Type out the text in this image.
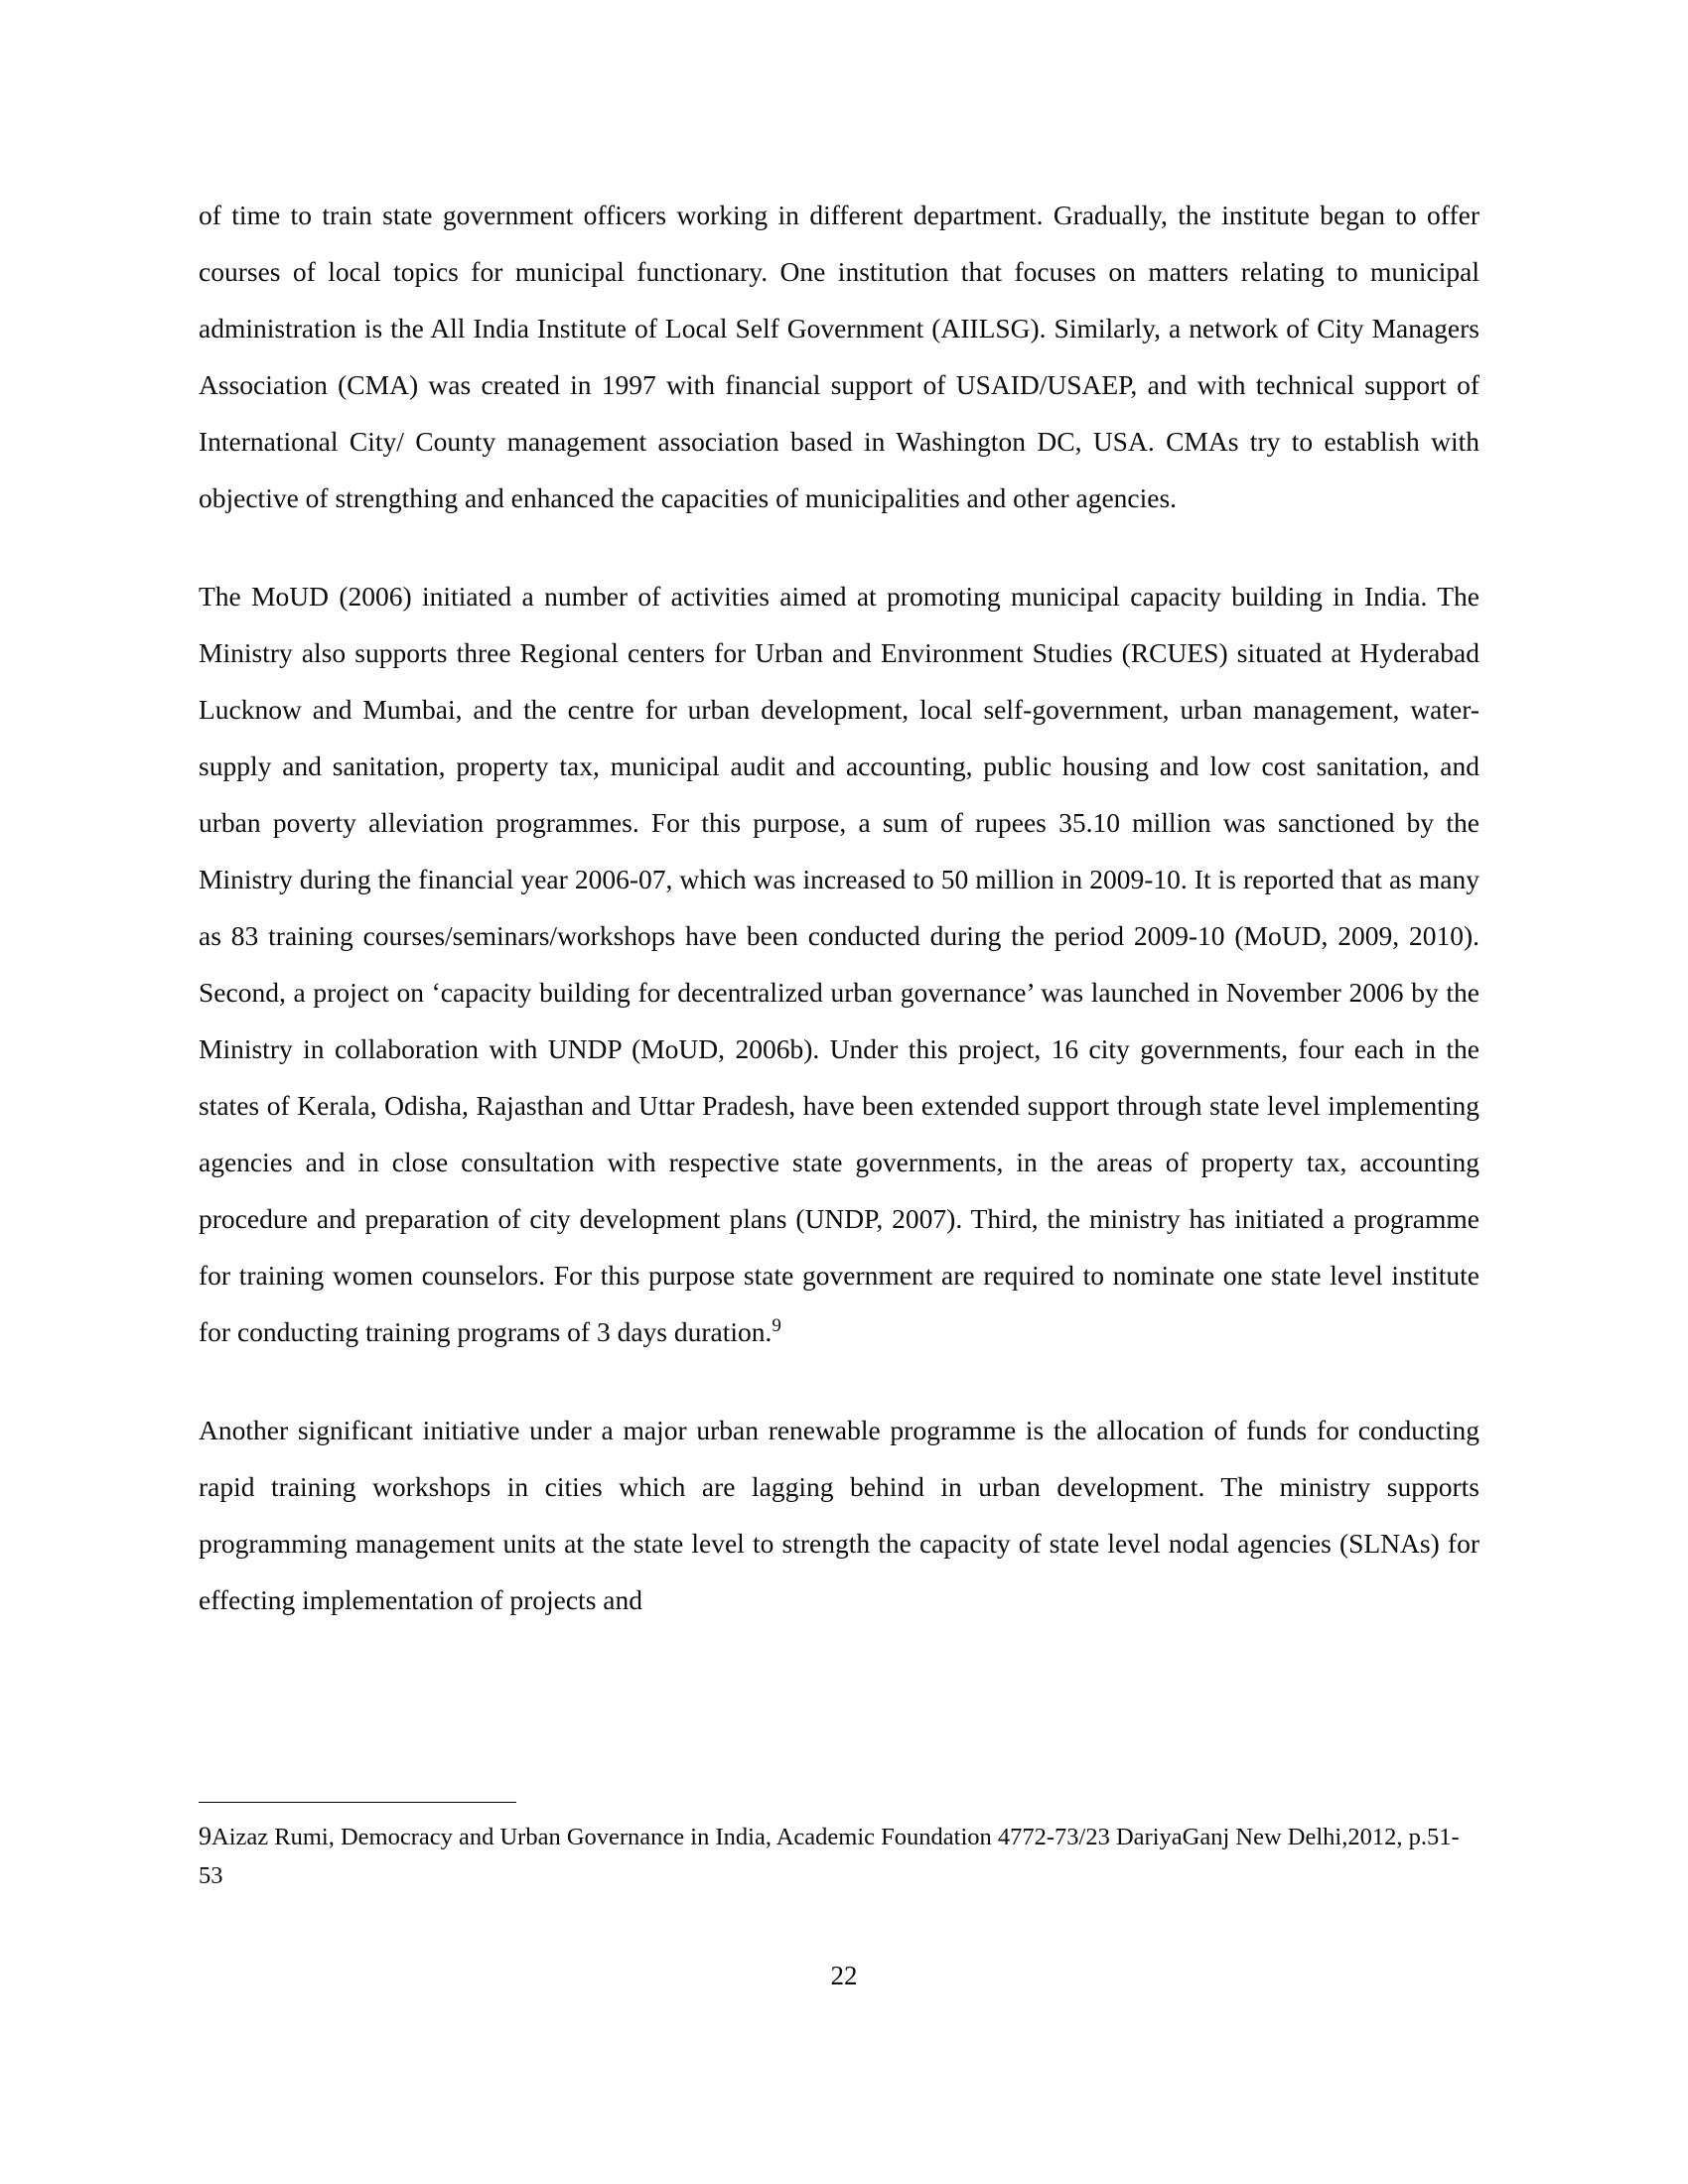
of time to train state government officers working in different department. Gradually, the institute began to offer courses of local topics for municipal functionary. One institution that focuses on matters relating to municipal administration is the All India Institute of Local Self Government (AIILSG). Similarly, a network of City Managers Association (CMA) was created in 1997 with financial support of USAID/USAEP, and with technical support of International City/ County management association based in Washington DC, USA. CMAs try to establish with objective of strengthing and enhanced the capacities of municipalities and other agencies.

The MoUD (2006) initiated a number of activities aimed at promoting municipal capacity building in India. The Ministry also supports three Regional centers for Urban and Environment Studies (RCUES) situated at Hyderabad Lucknow and Mumbai, and the centre for urban development, local self-government, urban management, water-supply and sanitation, property tax, municipal audit and accounting, public housing and low cost sanitation, and urban poverty alleviation programmes. For this purpose, a sum of rupees 35.10 million was sanctioned by the Ministry during the financial year 2006-07, which was increased to 50 million in 2009-10. It is reported that as many as 83 training courses/seminars/workshops have been conducted during the period 2009-10 (MoUD, 2009, 2010). Second, a project on ‘capacity building for decentralized urban governance’ was launched in November 2006 by the Ministry in collaboration with UNDP (MoUD, 2006b). Under this project, 16 city governments, four each in the states of Kerala, Odisha, Rajasthan and Uttar Pradesh, have been extended support through state level implementing agencies and in close consultation with respective state governments, in the areas of property tax, accounting procedure and preparation of city development plans (UNDP, 2007). Third, the ministry has initiated a programme for training women counselors. For this purpose state government are required to nominate one state level institute for conducting training programs of 3 days duration.$^9$

Another significant initiative under a major urban renewable programme is the allocation of funds for conducting rapid training workshops in cities which are lagging behind in urban development. The ministry supports programming management units at the state level to strength the capacity of state level nodal agencies (SLNAs) for effecting implementation of projects and

9Aizaz Rumi, Democracy and Urban Governance in India, Academic Foundation 4772-73/23 DariyaGanj New Delhi,2012, p.51-53
22
